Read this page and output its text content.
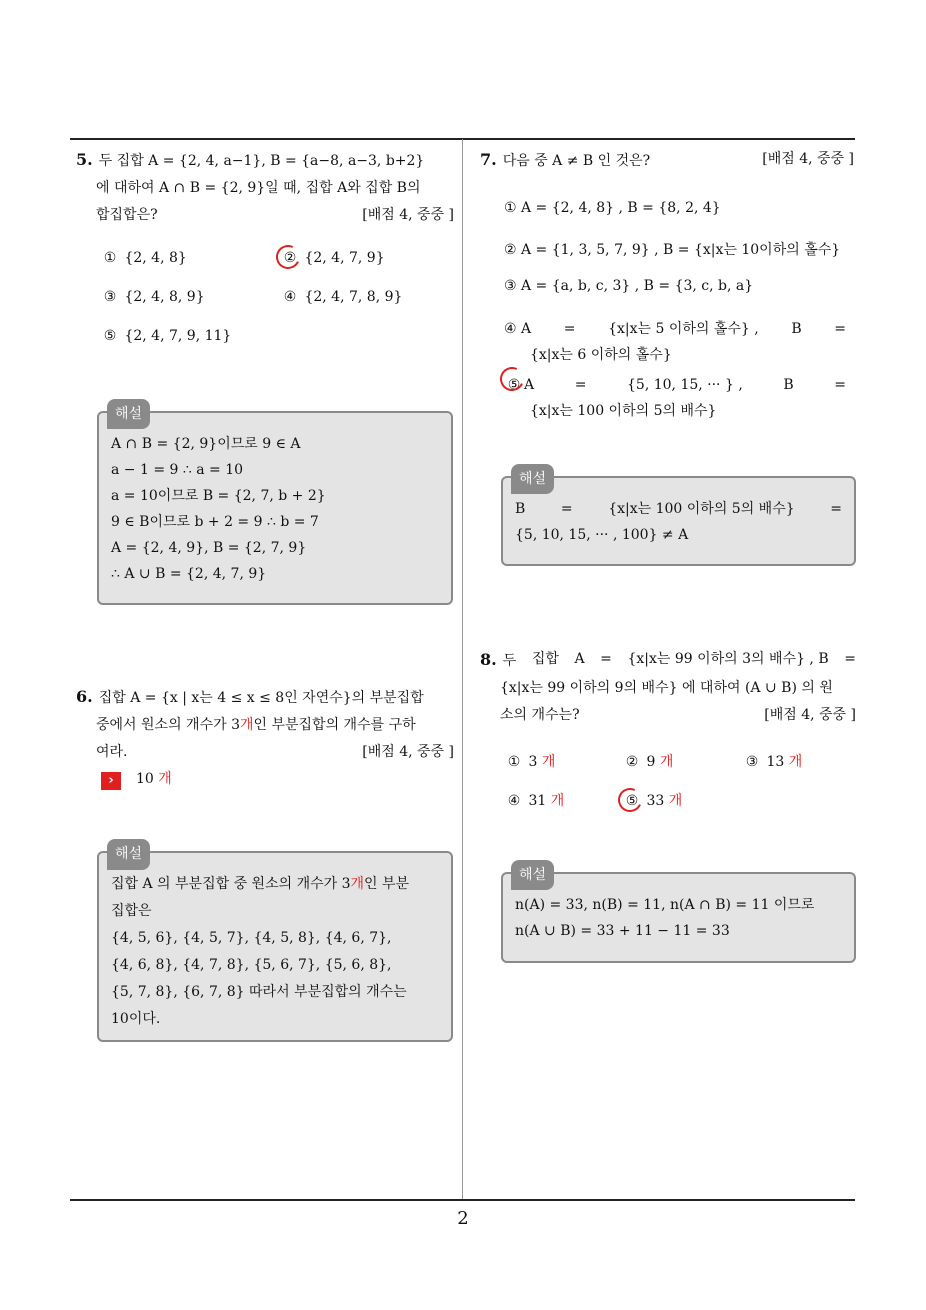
2
5. 두 집합 A = {2, 4, a−1}, B = {a−8, a−3, b+2}
에 대하여 A ∩ B = {2, 9}일 때, 집합 A와 집합 B의
합집합은?	[배점 4, 중중 ]
① {2, 4, 8}	② {2, 4, 7, 9}
③ {2, 4, 8, 9}	④ {2, 4, 7, 8, 9}
⑤ {2, 4, 7, 9, 11}
해설
A ∩ B = {2, 9}이므로 9 ∈ A
a − 1 = 9 ∴ a = 10
a = 10이므로 B = {2, 7, b + 2}
9 ∈ B이므로 b + 2 = 9 ∴ b = 7
A = {2, 4, 9}, B = {2, 7, 9}
∴ A ∪ B = {2, 4, 7, 9}
6. 집합 A = {x | x는 4 ≤ x ≤ 8인 자연수}의 부분집합
중에서 원소의 개수가 3개인 부분집합의 개수를 구하
여라.	[배점 4, 중중 ]
›	10 개
해설
집합 A 의 부분집합 중 원소의 개수가 3개인 부분
집합은
{4, 5, 6}, {4, 5, 7}, {4, 5, 8}, {4, 6, 7},
{4, 6, 8}, {4, 7, 8}, {5, 6, 7}, {5, 6, 8},
{5, 7, 8}, {6, 7, 8} 따라서 부분집합의 개수는
10이다.
7. 다음 중 A ≠ B 인 것은?	[배점 4, 중중 ]
① A = {2, 4, 8} , B = {8, 2, 4}
② A = {1, 3, 5, 7, 9} , B = {x|x는 10이하의 홀수}
③ A = {a, b, c, 3} , B = {3, c, b, a}
④ A = {x|x는 5 이하의 홀수} , B =
{x|x는 6 이하의 홀수}
⑤ A	=	{5, 10, 15, ··· } ,	B	=
{x|x는 100 이하의 5의 배수}
해설
B	=	{x|x는 100 이하의 5의 배수}	=
{5, 10, 15, ··· , 100} ≠ A
8. 두 집합 A = {x|x는 99 이하의 3의 배수} , B =
{x|x는 99 이하의 9의 배수} 에 대하여 (A ∪ B) 의 원
소의 개수는?	[배점 4, 중중 ]
① 3 개	② 9 개	③ 13 개
④ 31 개	⑤ 33 개
해설
n(A) = 33, n(B) = 11, n(A ∩ B) = 11 이므로
n(A ∪ B) = 33 + 11 − 11 = 33
